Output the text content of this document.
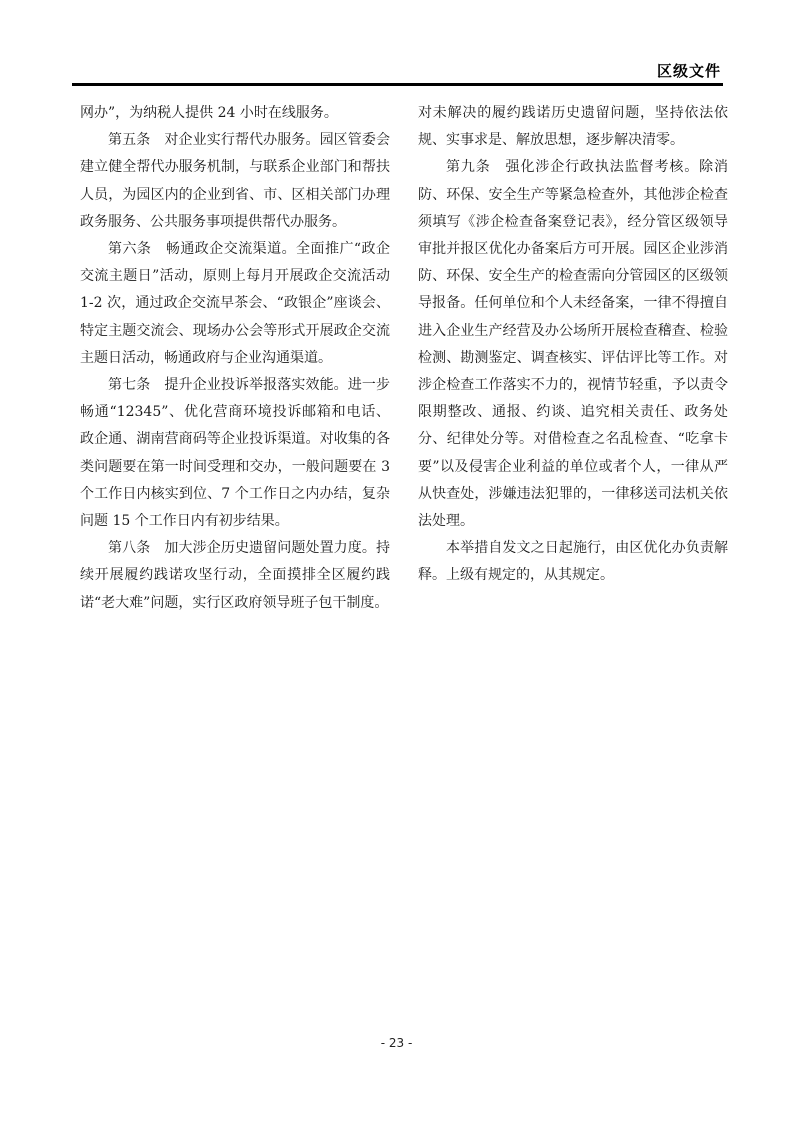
区级文件

网办”，为纳税人提供 24 小时在线服务。

第五条　对企业实行帮代办服务。园区管委会建立健全帮代办服务机制，与联系企业部门和帮扶人员，为园区内的企业到省、市、区相关部门办理政务服务、公共服务事项提供帮代办服务。

第六条　畅通政企交流渠道。全面推广“政企交流主题日”活动，原则上每月开展政企交流活动 1-2 次，通过政企交流早茶会、“政银企”座谈会、特定主题交流会、现场办公会等形式开展政企交流主题日活动，畅通政府与企业沟通渠道。

第七条　提升企业投诉举报落实效能。进一步畅通“12345”、优化营商环境投诉邮箱和电话、政企通、湖南营商码等企业投诉渠道。对收集的各类问题要在第一时间受理和交办，一般问题要在 3 个工作日内核实到位、7 个工作日之内办结，复杂问题 15 个工作日内有初步结果。

第八条　加大涉企历史遗留问题处置力度。持续开展履约践诺攻坚行动，全面摸排全区履约践诺“老大难”问题，实行区政府领导班子包干制度。

对未解决的履约践诺历史遗留问题，坚持依法依规、实事求是、解放思想，逐步解决清零。

第九条　强化涉企行政执法监督考核。除消防、环保、安全生产等紧急检查外，其他涉企检查须填写《涉企检查备案登记表》，经分管区级领导审批并报区优化办备案后方可开展。园区企业涉消防、环保、安全生产的检查需向分管园区的区级领导报备。任何单位和个人未经备案，一律不得擅自进入企业生产经营及办公场所开展检查稽查、检验检测、勘测鉴定、调查核实、评估评比等工作。对涉企检查工作落实不力的，视情节轻重，予以责令限期整改、通报、约谈、追究相关责任、政务处分、纪律处分等。对借检查之名乱检查、“吃拿卡要”以及侵害企业利益的单位或者个人，一律从严从快查处，涉嫌违法犯罪的，一律移送司法机关依法处理。

本举措自发文之日起施行，由区优化办负责解释。上级有规定的，从其规定。

- 23 -
